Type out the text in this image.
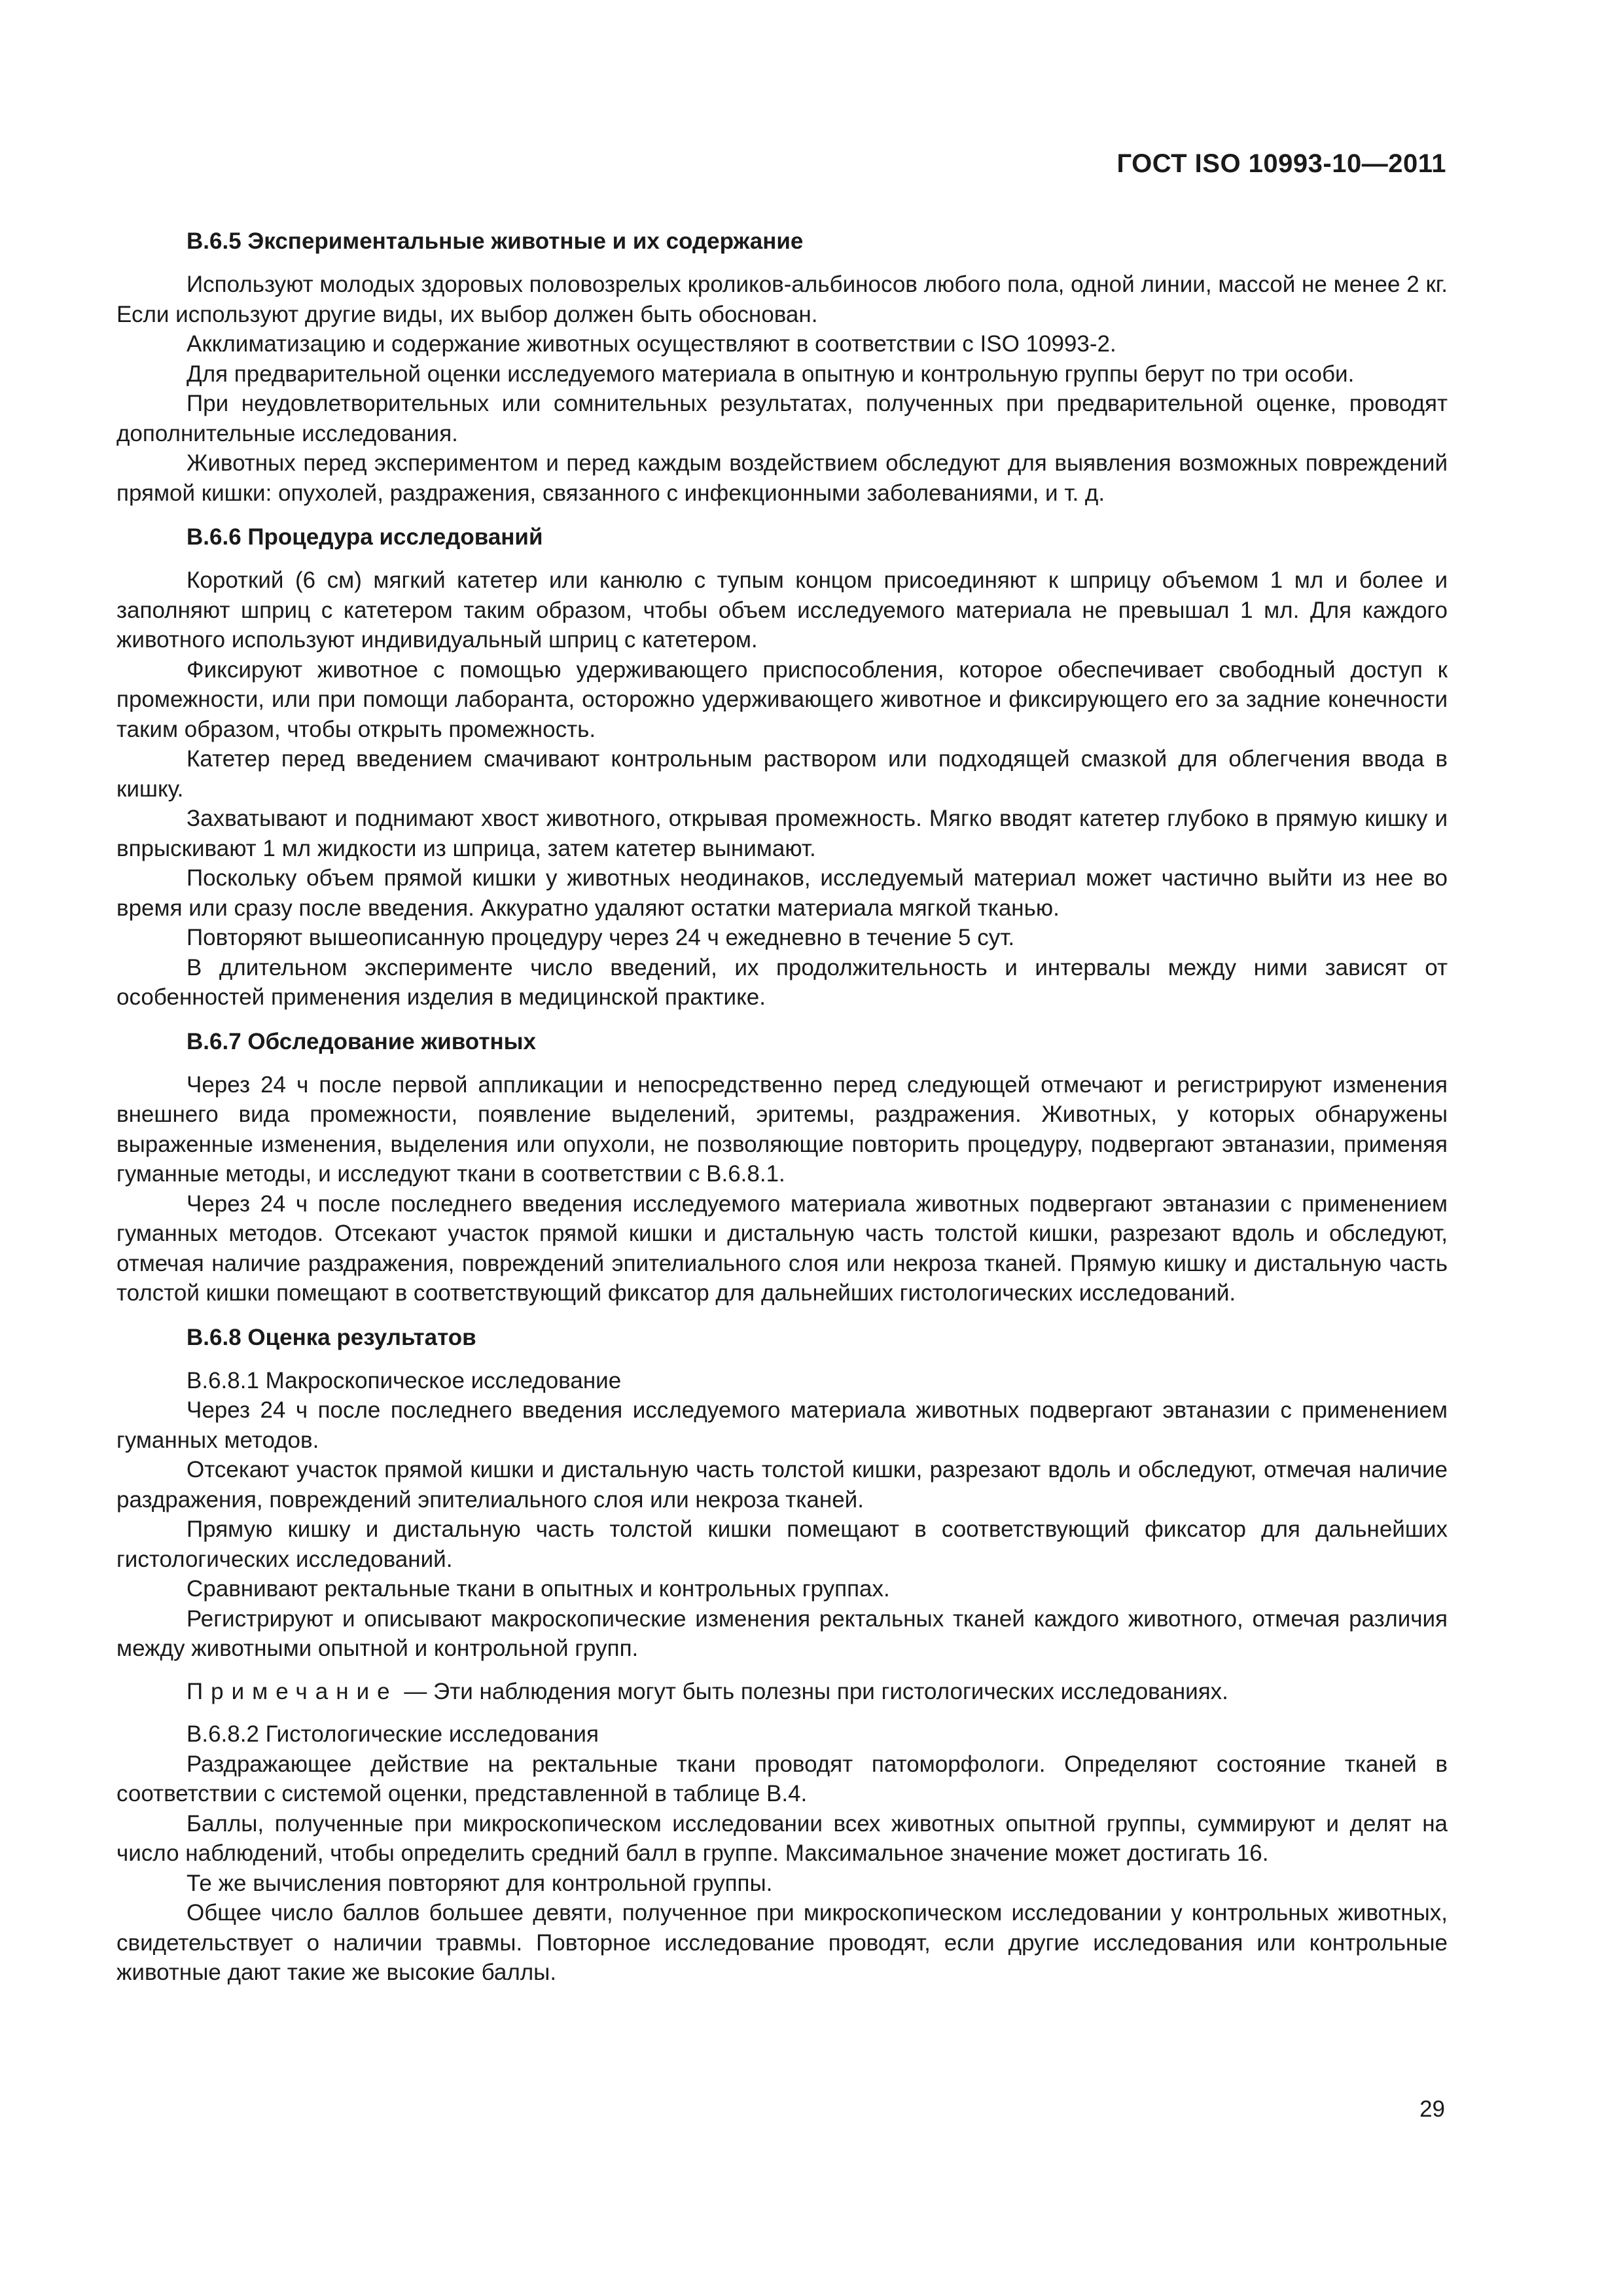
ГОСТ ISO 10993-10—2011
B.6.5 Экспериментальные животные и их содержание

Используют молодых здоровых половозрелых кроликов-альбиносов любого пола, одной линии, массой не менее 2 кг. Если используют другие виды, их выбор должен быть обоснован.

Акклиматизацию и содержание животных осуществляют в соответствии с ISO 10993-2.

Для предварительной оценки исследуемого материала в опытную и контрольную группы берут по три особи.

При неудовлетворительных или сомнительных результатах, полученных при предварительной оценке, проводят дополнительные исследования.

Животных перед экспериментом и перед каждым воздействием обследуют для выявления возможных повреждений прямой кишки: опухолей, раздражения, связанного с инфекционными заболеваниями, и т. д.

B.6.6 Процедура исследований

Короткий (6 см) мягкий катетер или канюлю с тупым концом присоединяют к шприцу объемом 1 мл и более и заполняют шприц с катетером таким образом, чтобы объем исследуемого материала не превышал 1 мл. Для каждого животного используют индивидуальный шприц с катетером.

Фиксируют животное с помощью удерживающего приспособления, которое обеспечивает свободный доступ к промежности, или при помощи лаборанта, осторожно удерживающего животное и фиксирующего его за задние конечности таким образом, чтобы открыть промежность.

Катетер перед введением смачивают контрольным раствором или подходящей смазкой для облегчения ввода в кишку.

Захватывают и поднимают хвост животного, открывая промежность. Мягко вводят катетер глубоко в прямую кишку и впрыскивают 1 мл жидкости из шприца, затем катетер вынимают.

Поскольку объем прямой кишки у животных неодинаков, исследуемый материал может частично выйти из нее во время или сразу после введения. Аккуратно удаляют остатки материала мягкой тканью.

Повторяют вышеописанную процедуру через 24 ч ежедневно в течение 5 сут.

В длительном эксперименте число введений, их продолжительность и интервалы между ними зависят от особенностей применения изделия в медицинской практике.

B.6.7 Обследование животных

Через 24 ч после первой аппликации и непосредственно перед следующей отмечают и регистрируют изменения внешнего вида промежности, появление выделений, эритемы, раздражения. Животных, у которых обнаружены выраженные изменения, выделения или опухоли, не позволяющие повторить процедуру, подвергают эвтаназии, применяя гуманные методы, и исследуют ткани в соответствии с B.6.8.1.

Через 24 ч после последнего введения исследуемого материала животных подвергают эвтаназии с применением гуманных методов. Отсекают участок прямой кишки и дистальную часть толстой кишки, разрезают вдоль и обследуют, отмечая наличие раздражения, повреждений эпителиального слоя или некроза тканей. Прямую кишку и дистальную часть толстой кишки помещают в соответствующий фиксатор для дальнейших гистологических исследований.

B.6.8 Оценка результатов
B.6.8.1 Макроскопическое исследование

Через 24 ч после последнего введения исследуемого материала животных подвергают эвтаназии с применением гуманных методов.

Отсекают участок прямой кишки и дистальную часть толстой кишки, разрезают вдоль и обследуют, отмечая наличие раздражения, повреждений эпителиального слоя или некроза тканей.

Прямую кишку и дистальную часть толстой кишки помещают в соответствующий фиксатор для дальнейших гистологических исследований.

Сравнивают ректальные ткани в опытных и контрольных группах.

Регистрируют и описывают макроскопические изменения ректальных тканей каждого животного, отмечая различия между животными опытной и контрольной групп.

Примечание — Эти наблюдения могут быть полезны при гистологических исследованиях.
B.6.8.2 Гистологические исследования

Раздражающее действие на ректальные ткани проводят патоморфологи. Определяют состояние тканей в соответствии с системой оценки, представленной в таблице B.4.

Баллы, полученные при микроскопическом исследовании всех животных опытной группы, суммируют и делят на число наблюдений, чтобы определить средний балл в группе. Максимальное значение может достигать 16.

Те же вычисления повторяют для контрольной группы.

Общее число баллов большее девяти, полученное при микроскопическом исследовании у контрольных животных, свидетельствует о наличии травмы. Повторное исследование проводят, если другие исследования или контрольные животные дают такие же высокие баллы.

29
